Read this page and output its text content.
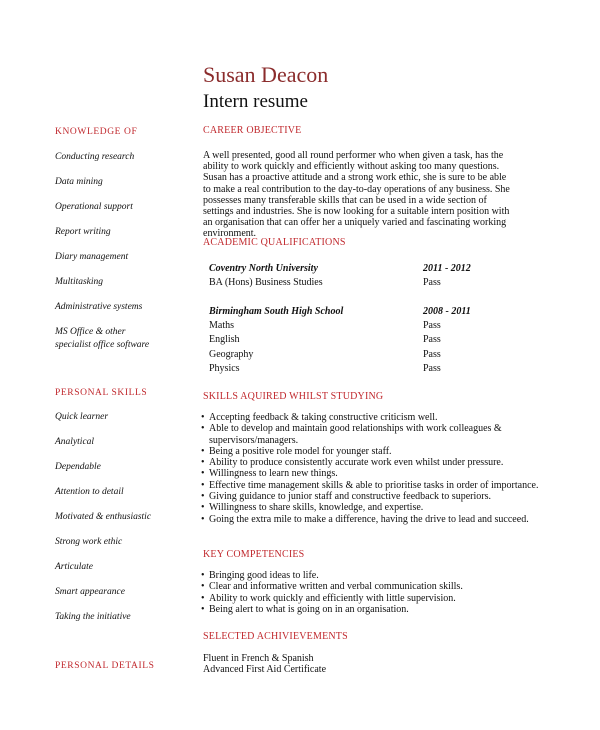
Susan Deacon
Intern resume
KNOWLEDGE OF
Conducting research
Data mining
Operational support
Report writing
Diary management
Multitasking
Administrative systems
MS Office & other
specialist office software
PERSONAL SKILLS
Quick learner
Analytical
Dependable
Attention to detail
Motivated & enthusiastic
Strong work ethic
Articulate
Smart appearance
Taking the initiative
PERSONAL DETAILS
CAREER OBJECTIVE
A well presented, good all round performer who when given a task, has the ability to work quickly and efficiently without asking too many questions. Susan has a proactive attitude and a strong work ethic, she is sure to be able to make a real contribution to the day-to-day operations of any business. She possesses many transferable skills that can be used in a wide section of settings and industries. She is now looking for a suitable intern position with an organisation that can offer her a uniquely varied and fascinating working environment.
ACADEMIC QUALIFICATIONS
Coventry North University	2011 - 2012
BA (Hons) Business Studies	Pass
Birmingham South High School	2008 - 2011
Maths	Pass
English	Pass
Geography	Pass
Physics	Pass
SKILLS AQUIRED WHILST STUDYING
• Accepting feedback & taking constructive criticism well.
• Able to develop and maintain good relationships with work colleagues & supervisors/managers.
• Being a positive role model for younger staff.
• Ability to produce consistently accurate work even whilst under pressure.
• Willingness to learn new things.
• Effective time management skills & able to prioritise tasks in order of importance.
• Giving guidance to junior staff and constructive feedback to superiors.
• Willingness to share skills, knowledge, and expertise.
• Going the extra mile to make a difference, having the drive to lead and succeed.
KEY COMPETENCIES
• Bringing good ideas to life.
• Clear and informative written and verbal communication skills.
• Ability to work quickly and efficiently with little supervision.
• Being alert to what is going on in an organisation.
SELECTED ACHIVIEVEMENTS
Fluent in French & Spanish
Advanced First Aid Certificate
